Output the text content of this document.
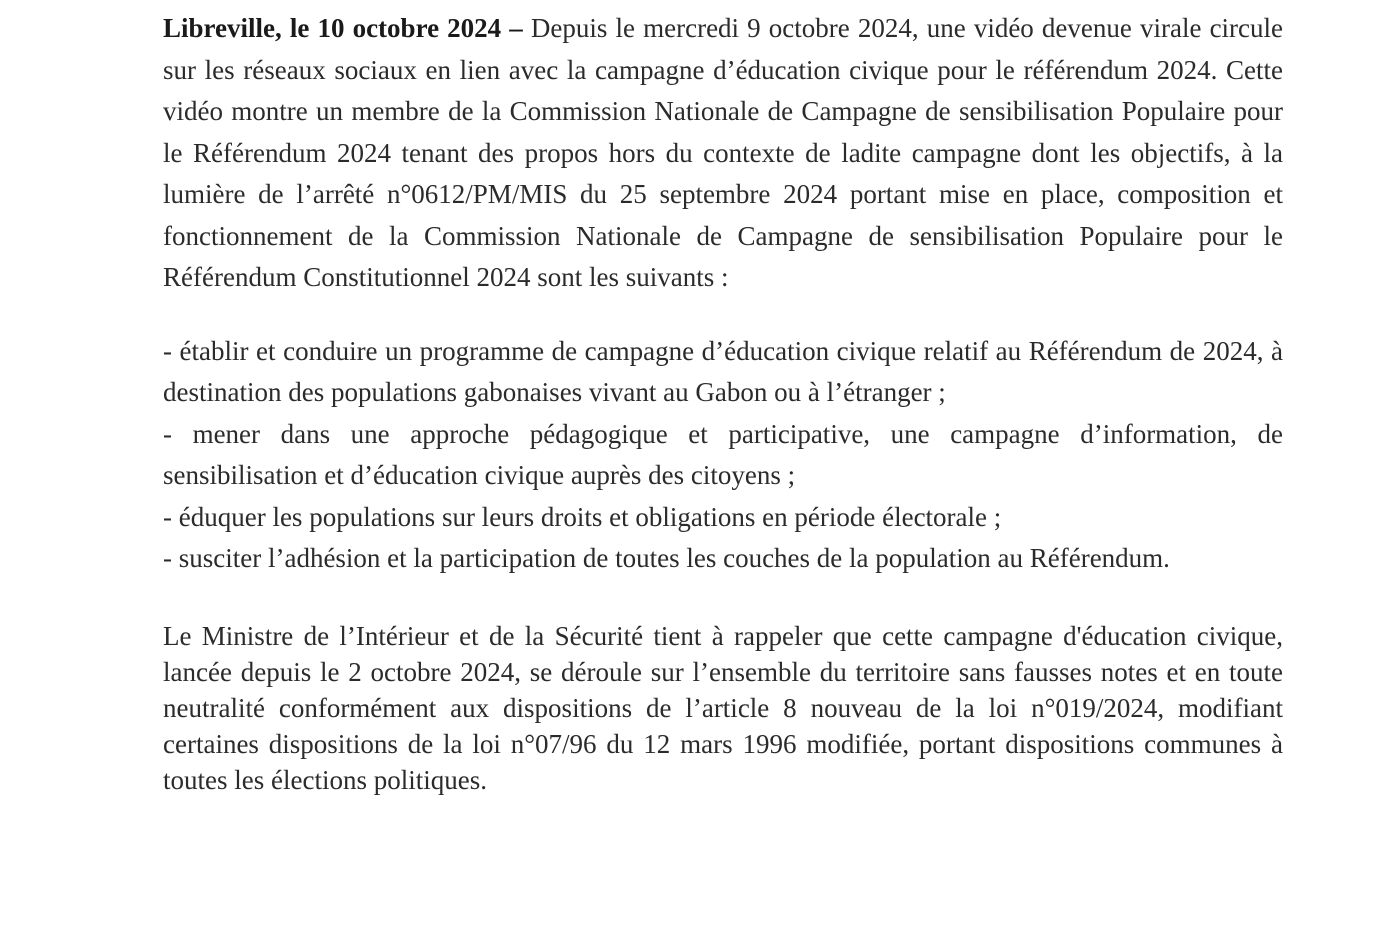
Libreville, le 10 octobre 2024 – Depuis le mercredi 9 octobre 2024, une vidéo devenue virale circule sur les réseaux sociaux en lien avec la campagne d’éducation civique pour le référendum 2024. Cette vidéo montre un membre de la Commission Nationale de Campagne de sensibilisation Populaire pour le Référendum 2024 tenant des propos hors du contexte de ladite campagne dont les objectifs, à la lumière de l’arrêté n°0612/PM/MIS du 25 septembre 2024 portant mise en place, composition et fonctionnement de la Commission Nationale de Campagne de sensibilisation Populaire pour le Référendum Constitutionnel 2024 sont les suivants :

- établir et conduire un programme de campagne d’éducation civique relatif au Référendum de 2024, à destination des populations gabonaises vivant au Gabon ou à l’étranger ;

- mener dans une approche pédagogique et participative, une campagne d’information, de sensibilisation et d’éducation civique auprès des citoyens ;

- éduquer les populations sur leurs droits et obligations en période électorale ;

- susciter l’adhésion et la participation de toutes les couches de la population au Référendum.

Le Ministre de l’Intérieur et de la Sécurité tient à rappeler que cette campagne d'éducation civique, lancée depuis le 2 octobre 2024, se déroule sur l’ensemble du territoire sans fausses notes et en toute neutralité conformément aux dispositions de l’article 8 nouveau de la loi n°019/2024, modifiant certaines dispositions de la loi n°07/96 du 12 mars 1996 modifiée, portant dispositions communes à toutes les élections politiques.
